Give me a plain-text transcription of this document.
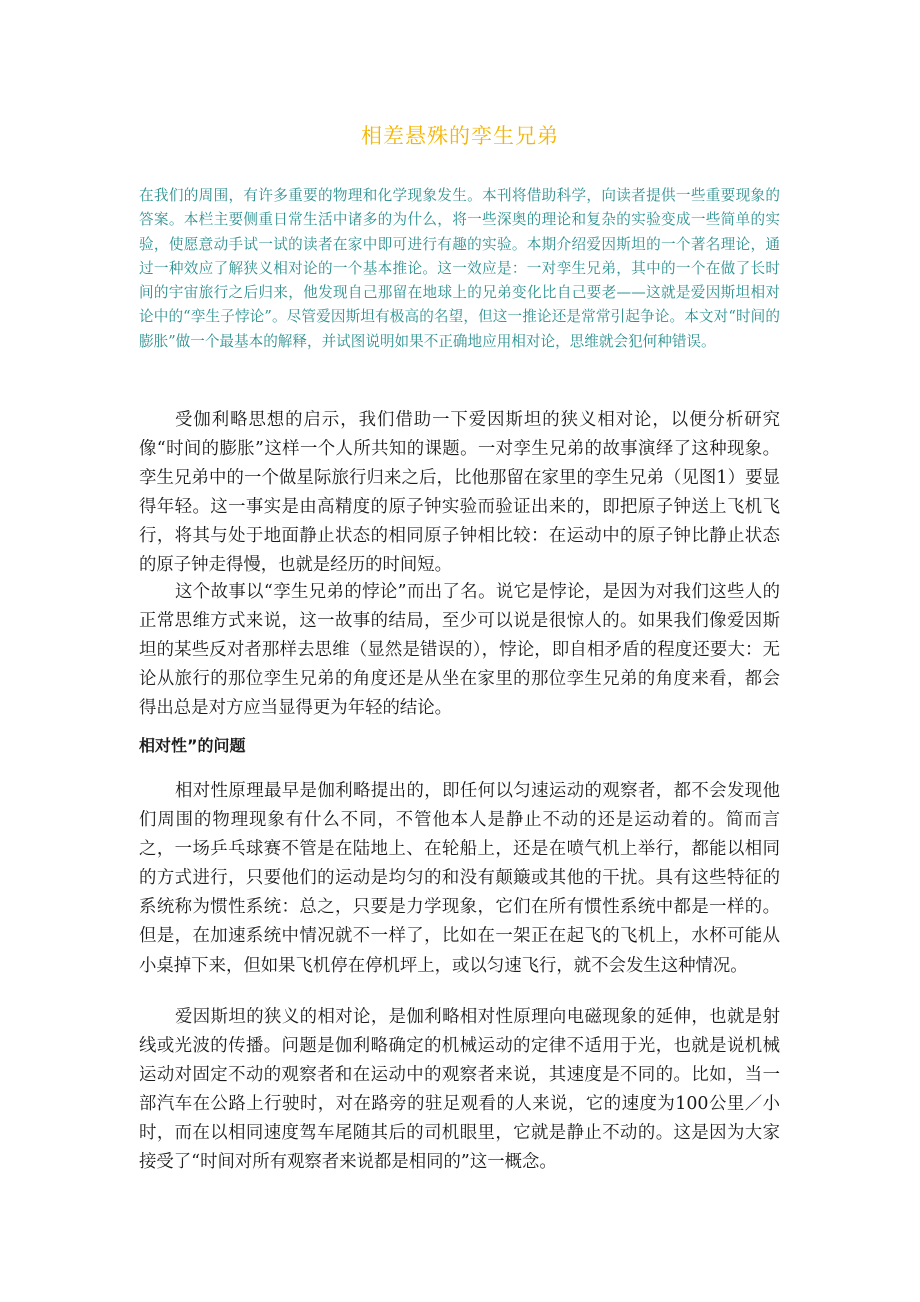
相差悬殊的孪生兄弟

在我们的周围，有许多重要的物理和化学现象发生。本刊将借助科学，向读者提供一些重要现象的答案。本栏主要侧重日常生活中诸多的为什么，将一些深奥的理论和复杂的实验变成一些简单的实验，使愿意动手试一试的读者在家中即可进行有趣的实验。本期介绍爱因斯坦的一个著名理论，通过一种效应了解狭义相对论的一个基本推论。这一效应是：一对孪生兄弟，其中的一个在做了长时间的宇宙旅行之后归来，他发现自己那留在地球上的兄弟变化比自己要老——这就是爱因斯坦相对论中的“孪生子悖论”。尽管爱因斯坦有极高的名望，但这一推论还是常常引起争论。本文对“时间的膨胀”做一个最基本的解释，并试图说明如果不正确地应用相对论，思维就会犯何种错误。

受伽利略思想的启示，我们借助一下爱因斯坦的狭义相对论，以便分析研究像“时间的膨胀”这样一个人所共知的课题。一对孪生兄弟的故事演绎了这种现象。孪生兄弟中的一个做星际旅行归来之后，比他那留在家里的孪生兄弟（见图1）要显得年轻。这一事实是由高精度的原子钟实验而验证出来的，即把原子钟送上飞机飞行，将其与处于地面静止状态的相同原子钟相比较：在运动中的原子钟比静止状态的原子钟走得慢，也就是经历的时间短。

这个故事以“孪生兄弟的悖论”而出了名。说它是悖论，是因为对我们这些人的正常思维方式来说，这一故事的结局，至少可以说是很惊人的。如果我们像爱因斯坦的某些反对者那样去思维（显然是错误的），悖论，即自相矛盾的程度还要大：无论从旅行的那位孪生兄弟的角度还是从坐在家里的那位孪生兄弟的角度来看，都会得出总是对方应当显得更为年轻的结论。

相对性”的问题

相对性原理最早是伽利略提出的，即任何以匀速运动的观察者，都不会发现他们周围的物理现象有什么不同，不管他本人是静止不动的还是运动着的。简而言之，一场乒乓球赛不管是在陆地上、在轮船上，还是在喷气机上举行，都能以相同的方式进行，只要他们的运动是均匀的和没有颠簸或其他的干扰。具有这些特征的系统称为惯性系统：总之，只要是力学现象，它们在所有惯性系统中都是一样的。但是，在加速系统中情况就不一样了，比如在一架正在起飞的飞机上，水杯可能从小桌掉下来，但如果飞机停在停机坪上，或以匀速飞行，就不会发生这种情况。

爱因斯坦的狭义的相对论，是伽利略相对性原理向电磁现象的延伸，也就是射线或光波的传播。问题是伽利略确定的机械运动的定律不适用于光，也就是说机械运动对固定不动的观察者和在运动中的观察者来说，其速度是不同的。比如，当一部汽车在公路上行驶时，对在路旁的驻足观看的人来说，它的速度为100公里／小时，而在以相同速度驾车尾随其后的司机眼里，它就是静止不动的。这是因为大家接受了“时间对所有观察者来说都是相同的”这一概念。
